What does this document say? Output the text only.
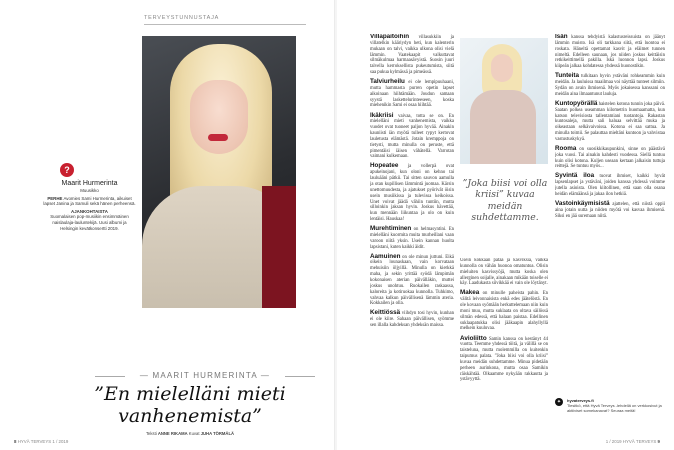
TERVEYSTUNNUSTAJA
?
Maarit Hurmerinta
Muusikko
PERHE Avomies Sami Hurmerinta, aikuiset lapset Janina ja Samuli sekä hänen perheensä.
AJANKOHTAISTA
Suomalaisen pop-musiikin ensimmäinen naislaulaja-lauluntekijä. Uusi albumi ja Helsingin kevätkonsertti 2019.
— MAARIT HURMERINTA —
”En mielelläni mieti vanhenemista”
Teksti ANNE RIKAMA Kuvat JUHA TÖRMÄLÄ
8 HYVÄ TERVEYS 1 / 2019	1 / 2019 HYVÄ TERVEYS 9

Villapaitoihin villasukkiin ja villatelkin kääriydyn heti, kun kalenterin mukaan on talvi, vaikka ulkona olisi vielä lämmin. Vaatekaapit valkuttavat silmäkulmaa harmaasävyistä. Suosin juuri talvella kerroksellista pukeutumista, siitä saa pukua kylmässä ja pimeässä.

Talviurheilu ei ole lempipuuhaani, mutta hammasta purren opetin lapset aikoinaan hiihtämään. Joudun samaan syystä laskettelurinteeseen, koska miehenikin Sami ei osaa hiihtää.

Ikäkriisi vaivaa, totta se on. En mielelläni mieti vanhenemista, vaikka vuodet ovat tuoneet paljon hyvää. Ainakin kauniisti iän myötä tulleet rypyt kertovat lauletusta elämästä. Jotain kremppoja on tietysti, mutta minulla on peruste, että pimentäisi iäisen vähätellä. Varrotan vaimani kulkemaan.

Hopeatee ja vollerpä ovat apukeinojani, kun oloni on kehno tai lauluääni pätkii. Tai sitten sauvon aamulla ja otan kupillisen lämmintä juomaa. Kärsin unettomuudesta, ja ajatukset pyörivät öisin usein musiikissa ja tulevissa keikoissa. Unet voivat jäädä vähiin tuntiin, mutta silloinkin jaksan hyvin. Joskus hävettää, kun mennään liikuntaa ja olo on kuin lentäisi. Hauskaa!

Murehtiminen on helmasyntini. En mielelläni kuormita muita murheillani vaan varoon niitä yksin. Usein kannan huolta lapsistani, kuten kaikki äidit.

Aamuinen on ole minun juttuni. Eikä oikein lounaskaan, vain korvataan mehuisiin öljyillä. Minulla on kierkkä maha, ja sekin yrittää syödä lämpimän kokonaisen aterian päivälläkin, muttei joskus unohtuu. Ruokailen raskaassa, kaloreita ja kotiruokaa kunnolla. Tuhkimo, vahvaa kalkun päivällisenä lämmin ateria. Kokkailen ja olla.

Keittiössä viihdyn tosi hyvin, kunhan ei ole kiire. Sahaan päivällisen, syömme sen illalla kahdeksan yhdeksän maissa.

Usein kokkaan pataa ja kasviksia, vaikka kunnolla on vähän huonoa omatuntoa. Olisin mieluiten kasvissyöjä, mutta koska olen allerginen soijalle, ainakaan mikään toiselle ei käy. Laadukasta siivikkää ei vain ole löytänyt.

Makea on minulle paheista pahin. En välitä leivonnaisista enkä edes jäätelöstä. En ole kovaan syömään herkuttelemaan niin kuin moni muu, mutta suklaata on oltava säilössä silmän edessä, että halaan paistaa. Edellinen suklaapatukka olisi jääkaapin alahyllyllä melkein kuuluvaa.

Avioliitto Samin kanssa on kestänyt 44 vuotta. Teemme yhdessä töitä, ja välillä se on taisteluna, mutta molemmilla on kuitenkin taipumus palata. ”Joka biisi voi olla kriisi” kuvaa meidän suhdettamme. Minua pidetään perheen aurinkona, mutta osaa Samikin räiskähtää. Olkaamme nykyään rakkautta ja ystävyyttä.

Isän kanssa tehdyistä kalastusreissuista on jäänyt lämmin muisto. Isä oli tarkkana siitä, että luontoa ei roskata. Häneltä opettamat kasvit ja eläimet tunnen nimeltä. Edelleen saunaan, jos niiden joskus keittäisin retkikeittimellä pakilla. Iskä luonnon lapsi. Joskus kiipeän jalkaa kohdatessa yhdessä huonostikin.

Tunteita tulkitaan hyvin ystäväni rohkeammin kuin meidän. Ja lauluissa maailmaa voi näyttää tunteet silmiin. Sydän on avain ihmisenä. Myös jokaisessa kanssani on meidän aina ilmaantunut lauluja.

Kuntopyörällä haistelen kotona tunnin joka päivä. Saatan polkea useamman kilometrin huomaamatta, kun katson televisiosta tallentamiani tuotantoja. Rakastan kuntosaleja, mutta sali haluaa selvittää muka ja oikeastaan selkävaivoissa. Kotona ei saa sattua. Ja minulla toimii. Se palauttaa mieltäni kuntoon ja vahvistaa vastustuskykyä.

Rooma on suosikkikaupunkini, sinne on päästävä joka vuosi. Tai ainakin kahdesti vuodessa. Siellä tuntuu kuin olisi kotona. Kuljen useaan kertaan jalkaisin tuttuja reittejä. Se tuntuu myös...

Syvintä iloa tuovat ihmiset, kaikki hyvät lapsenlapset ja ystäväni, joiden kanssa yhdessä voimme jutella asioista. Olen kiitollinen, että saan olla osana heidän elämäänsä ja jakaa ilon hetkiä.

Vastoinkäymisistä ajattelen, että niistä oppii aina jotain uutta ja niiden myötä voi kasvaa ihmisenä. Siksi en jää suremaan niitä.

”Joka biisi voi olla kriisi” kuvaa meidän suhdettamme.
✦	hyvaterveys.fi
Tiesitkö, että Hyvä Terveys -lehdellä on verkkosivut ja aktiiviset somekanavat? Seuraa meitä!
